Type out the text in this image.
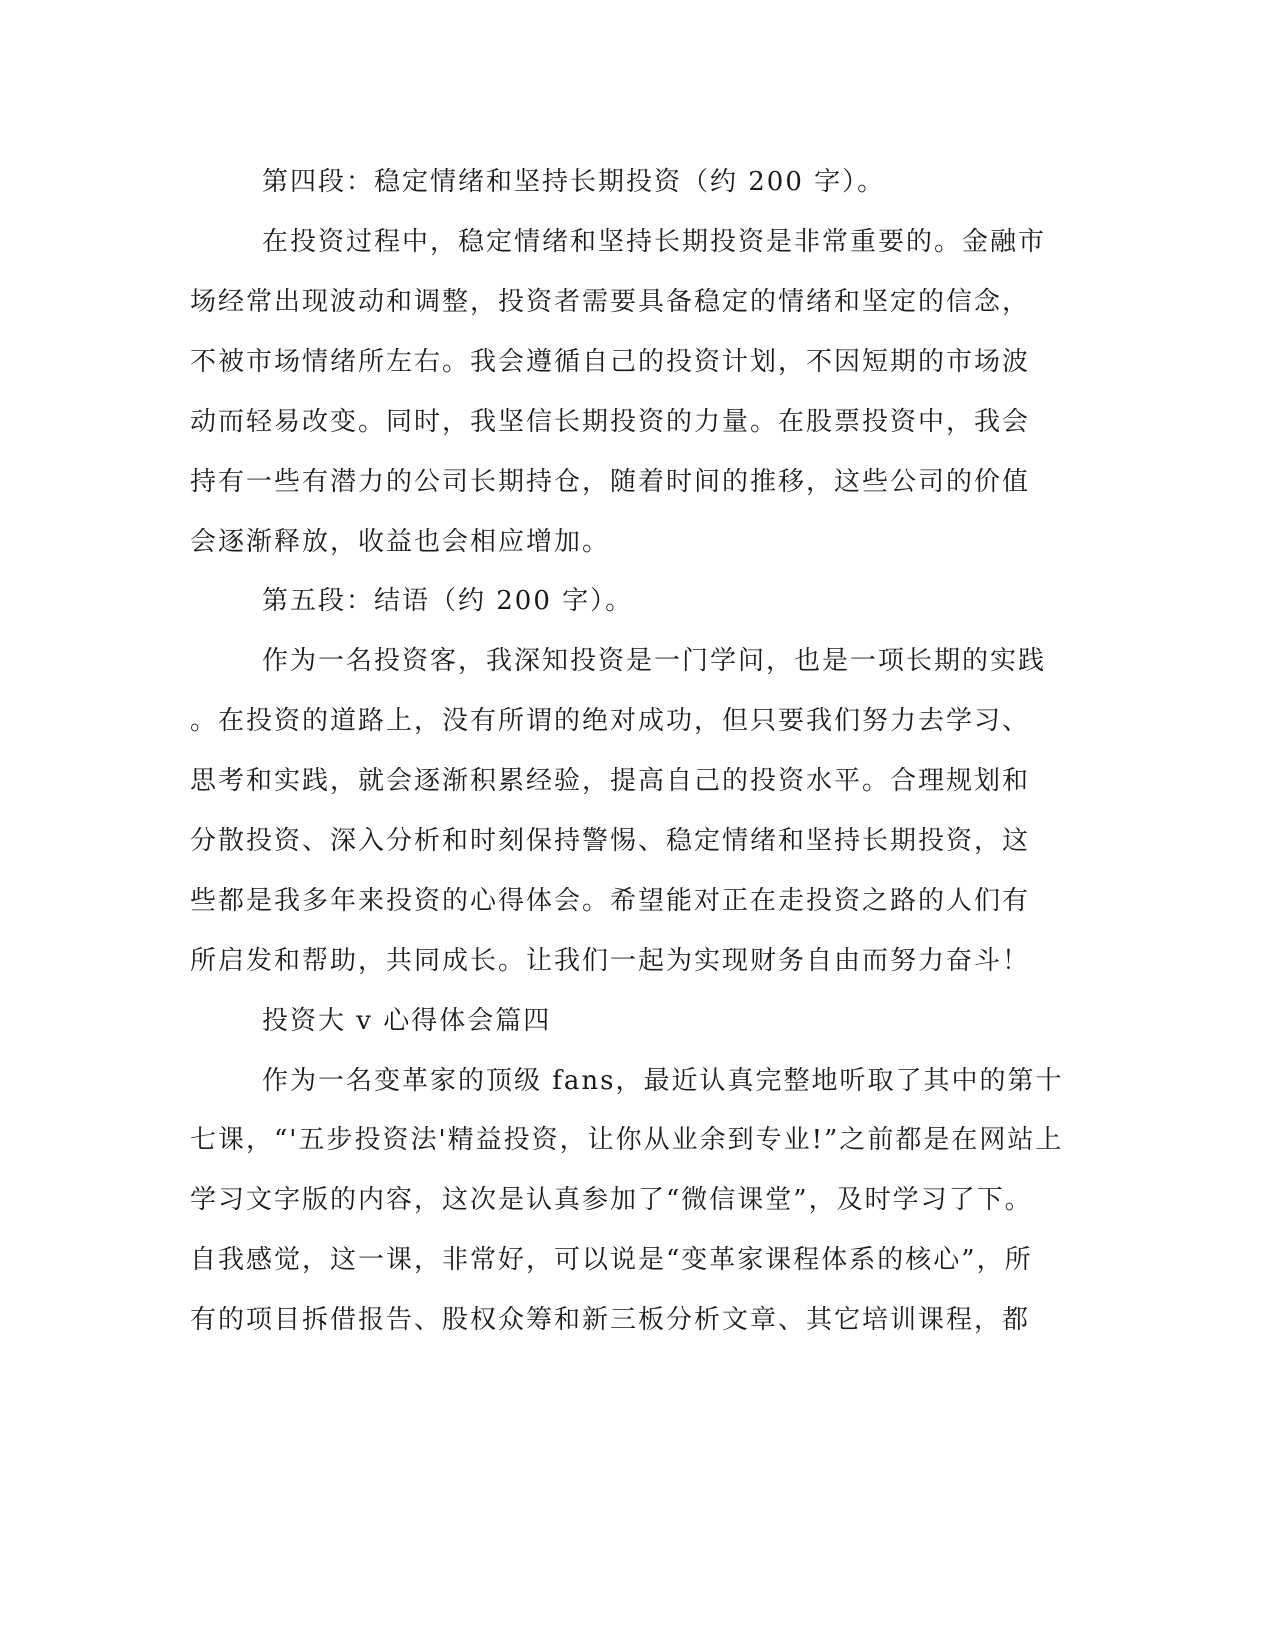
第四段：稳定情绪和坚持长期投资（约 200 字）。
在投资过程中，稳定情绪和坚持长期投资是非常重要的。金融市
场经常出现波动和调整，投资者需要具备稳定的情绪和坚定的信念，
不被市场情绪所左右。我会遵循自己的投资计划，不因短期的市场波
动而轻易改变。同时，我坚信长期投资的力量。在股票投资中，我会
持有一些有潜力的公司长期持仓，随着时间的推移，这些公司的价值
会逐渐释放，收益也会相应增加。
第五段：结语（约 200 字）。
作为一名投资客，我深知投资是一门学问，也是一项长期的实践
。在投资的道路上，没有所谓的绝对成功，但只要我们努力去学习、
思考和实践，就会逐渐积累经验，提高自己的投资水平。合理规划和
分散投资、深入分析和时刻保持警惕、稳定情绪和坚持长期投资，这
些都是我多年来投资的心得体会。希望能对正在走投资之路的人们有
所启发和帮助，共同成长。让我们一起为实现财务自由而努力奋斗！
投资大 v 心得体会篇四
作为一名变革家的顶级 fans，最近认真完整地听取了其中的第十
七课，“'五步投资法'精益投资，让你从业余到专业!”之前都是在网站上
学习文字版的内容，这次是认真参加了“微信课堂”，及时学习了下。
自我感觉，这一课，非常好，可以说是“变革家课程体系的核心”，所
有的项目拆借报告、股权众筹和新三板分析文章、其它培训课程，都
